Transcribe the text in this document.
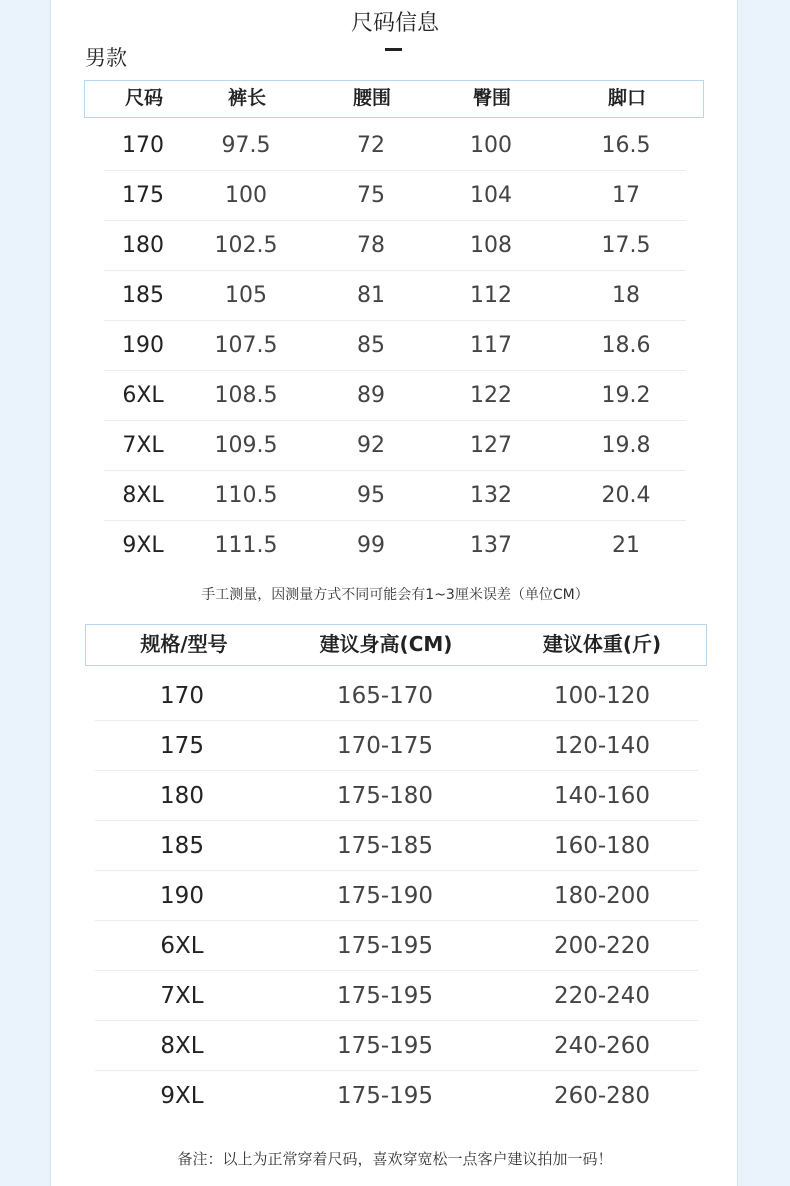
尺码信息
男款
尺码	裤长	腰围	臀围	脚口
170	97.5	72	100	16.5
175	100	75	104	17
180 102.5	78	108	17.5
185	105	81	112	18
190 107.5	85	117	18.6
6XL 108.5	89	122	19.2
7XL 109.5	92	127	19.8
8XL 110.5	95	132	20.4
9XL 111.5	99	137	21
手工测量，因测量方式不同可能会有1~3厘米误差（单位CM）
规格/型号	建议身高(CM)	建议体重(斤)
170	165-170	100-120
175	170-175	120-140
180	175-180	140-160
185	175-185	160-180
190	175-190	180-200
6XL	175-195	200-220
7XL	175-195	220-240
8XL	175-195	240-260
9XL	175-195	260-280
备注：以上为正常穿着尺码，喜欢穿宽松一点客户建议拍加一码！
